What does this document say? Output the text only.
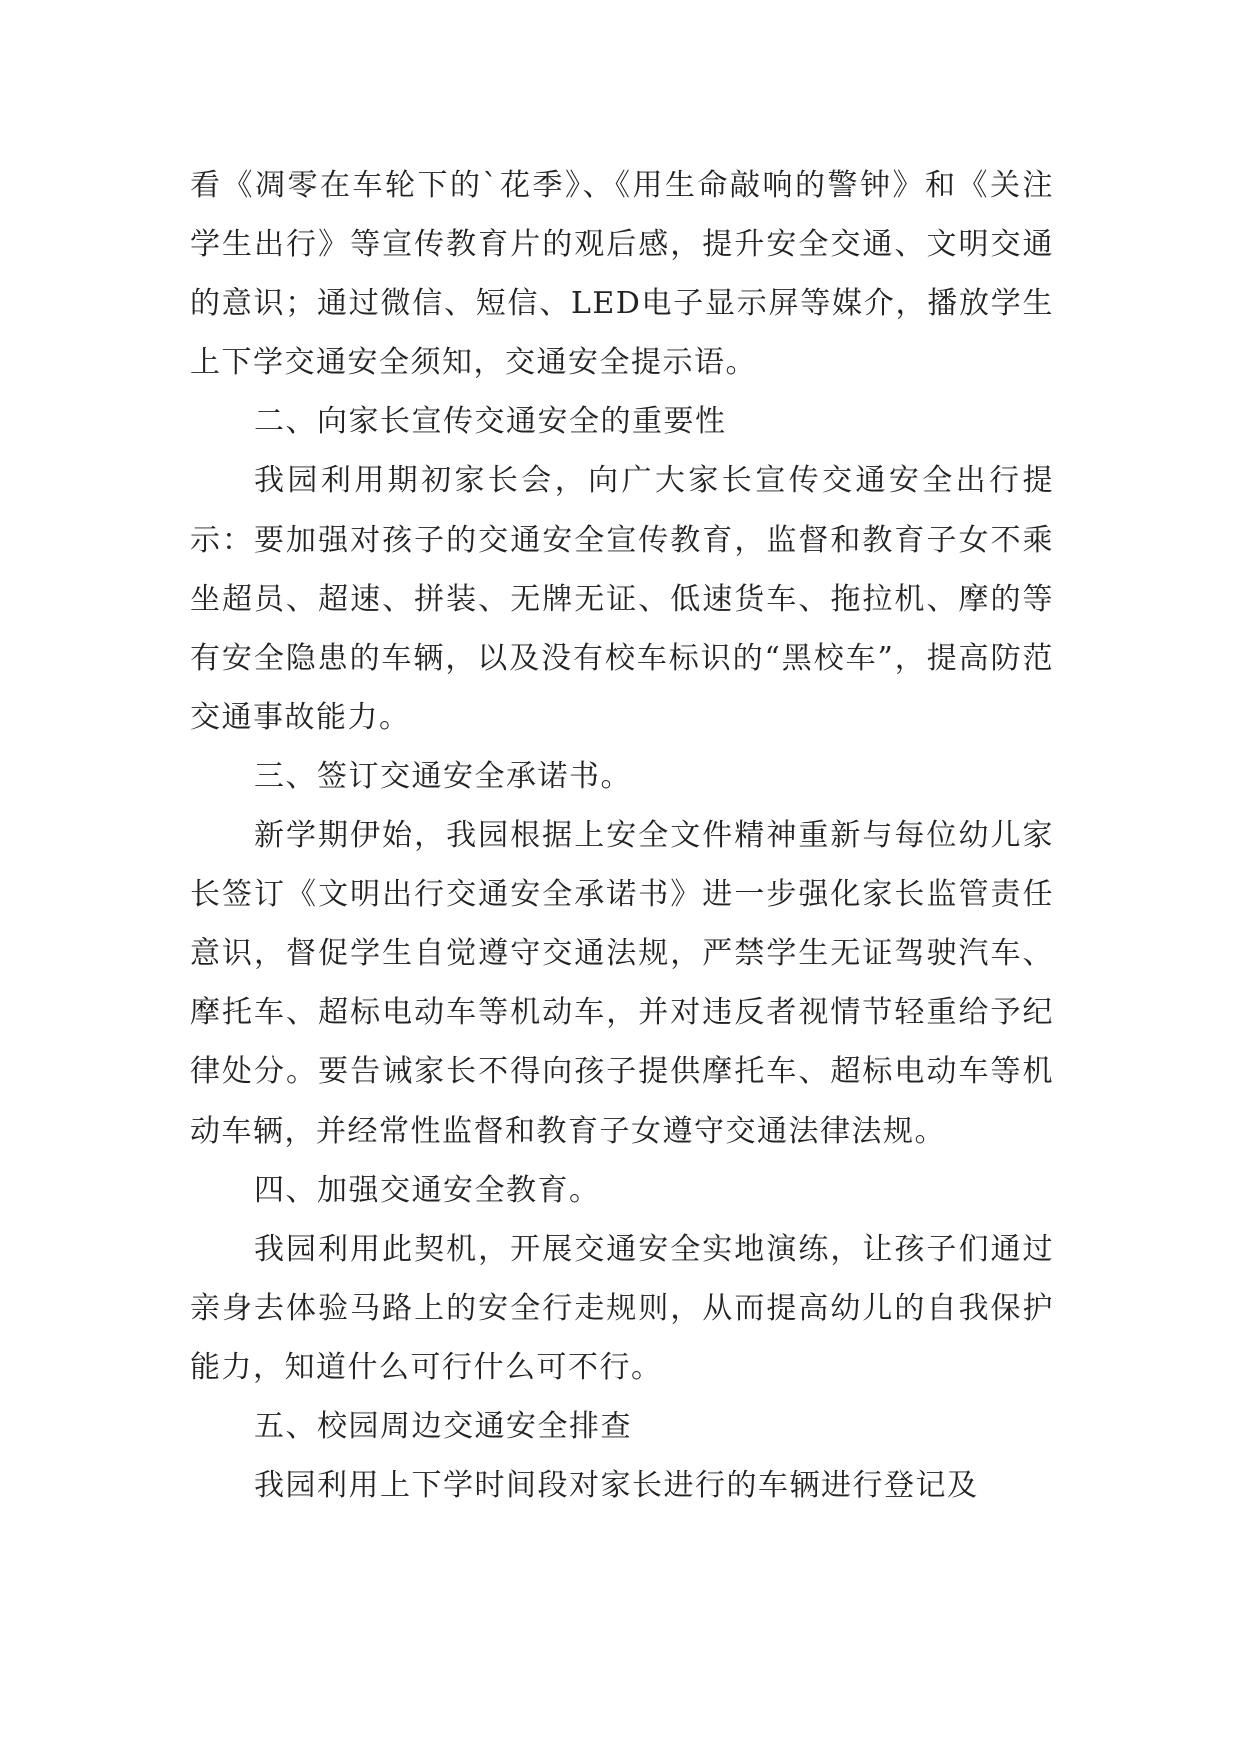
看《凋零在车轮下的`花季》、《用生命敲响的警钟》和《关注学生出行》等宣传教育片的观后感，提升安全交通、文明交通的意识；通过微信、短信、LED电子显示屏等媒介，播放学生上下学交通安全须知，交通安全提示语。

二、向家长宣传交通安全的重要性

我园利用期初家长会，向广大家长宣传交通安全出行提示：要加强对孩子的交通安全宣传教育，监督和教育子女不乘坐超员、超速、拼装、无牌无证、低速货车、拖拉机、摩的等有安全隐患的车辆，以及没有校车标识的“黑校车”，提高防范交通事故能力。

三、签订交通安全承诺书。

新学期伊始，我园根据上安全文件精神重新与每位幼儿家长签订《文明出行交通安全承诺书》进一步强化家长监管责任意识，督促学生自觉遵守交通法规，严禁学生无证驾驶汽车、摩托车、超标电动车等机动车，并对违反者视情节轻重给予纪律处分。要告诫家长不得向孩子提供摩托车、超标电动车等机动车辆，并经常性监督和教育子女遵守交通法律法规。

四、加强交通安全教育。

我园利用此契机，开展交通安全实地演练，让孩子们通过亲身去体验马路上的安全行走规则，从而提高幼儿的自我保护能力，知道什么可行什么可不行。

五、校园周边交通安全排查

我园利用上下学时间段对家长进行的车辆进行登记及
